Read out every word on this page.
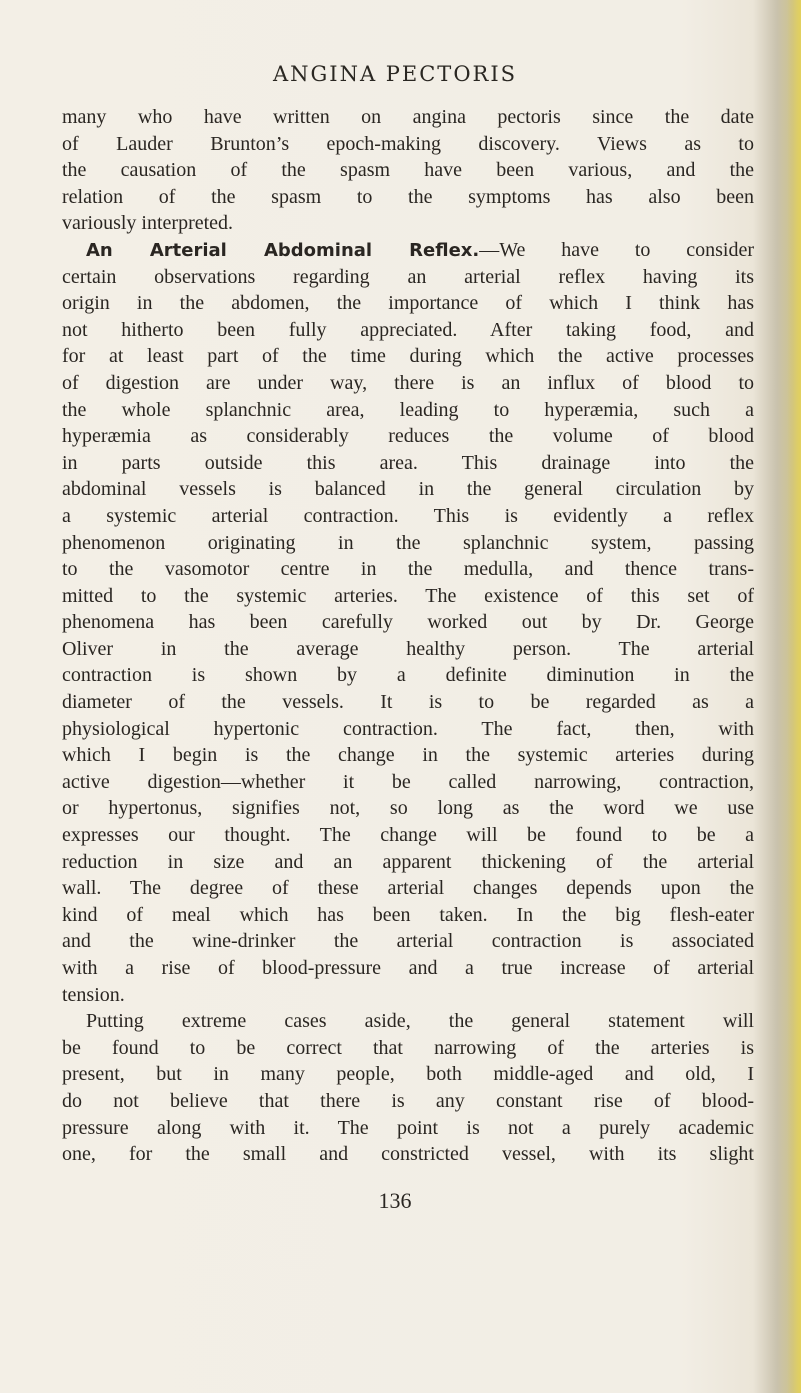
ANGINA PECTORIS
many who have written on angina pectoris since the date
of Lauder Brunton’s epoch-making discovery. Views as to
the causation of the spasm have been various, and the
relation of the spasm to the symptoms has also been
variously interpreted.
An Arterial Abdominal Reflex.—We have to consider
certain observations regarding an arterial reflex having its
origin in the abdomen, the importance of which I think has
not hitherto been fully appreciated. After taking food, and
for at least part of the time during which the active processes
of digestion are under way, there is an influx of blood to
the whole splanchnic area, leading to hyperæmia, such a
hyperæmia as considerably reduces the volume of blood
in parts outside this area. This drainage into the
abdominal vessels is balanced in the general circulation by
a systemic arterial contraction. This is evidently a reflex
phenomenon originating in the splanchnic system, passing
to the vasomotor centre in the medulla, and thence trans-
mitted to the systemic arteries. The existence of this set of
phenomena has been carefully worked out by Dr. George
Oliver in the average healthy person. The arterial
contraction is shown by a definite diminution in the
diameter of the vessels. It is to be regarded as a
physiological hypertonic contraction. The fact, then, with
which I begin is the change in the systemic arteries during
active digestion—whether it be called narrowing, contraction,
or hypertonus, signifies not, so long as the word we use
expresses our thought. The change will be found to be a
reduction in size and an apparent thickening of the arterial
wall. The degree of these arterial changes depends upon the
kind of meal which has been taken. In the big flesh-eater
and the wine-drinker the arterial contraction is associated
with a rise of blood-pressure and a true increase of arterial
tension.
Putting extreme cases aside, the general statement will
be found to be correct that narrowing of the arteries is
present, but in many people, both middle-aged and old, I
do not believe that there is any constant rise of blood-
pressure along with it. The point is not a purely academic
one, for the small and constricted vessel, with its slight
136
